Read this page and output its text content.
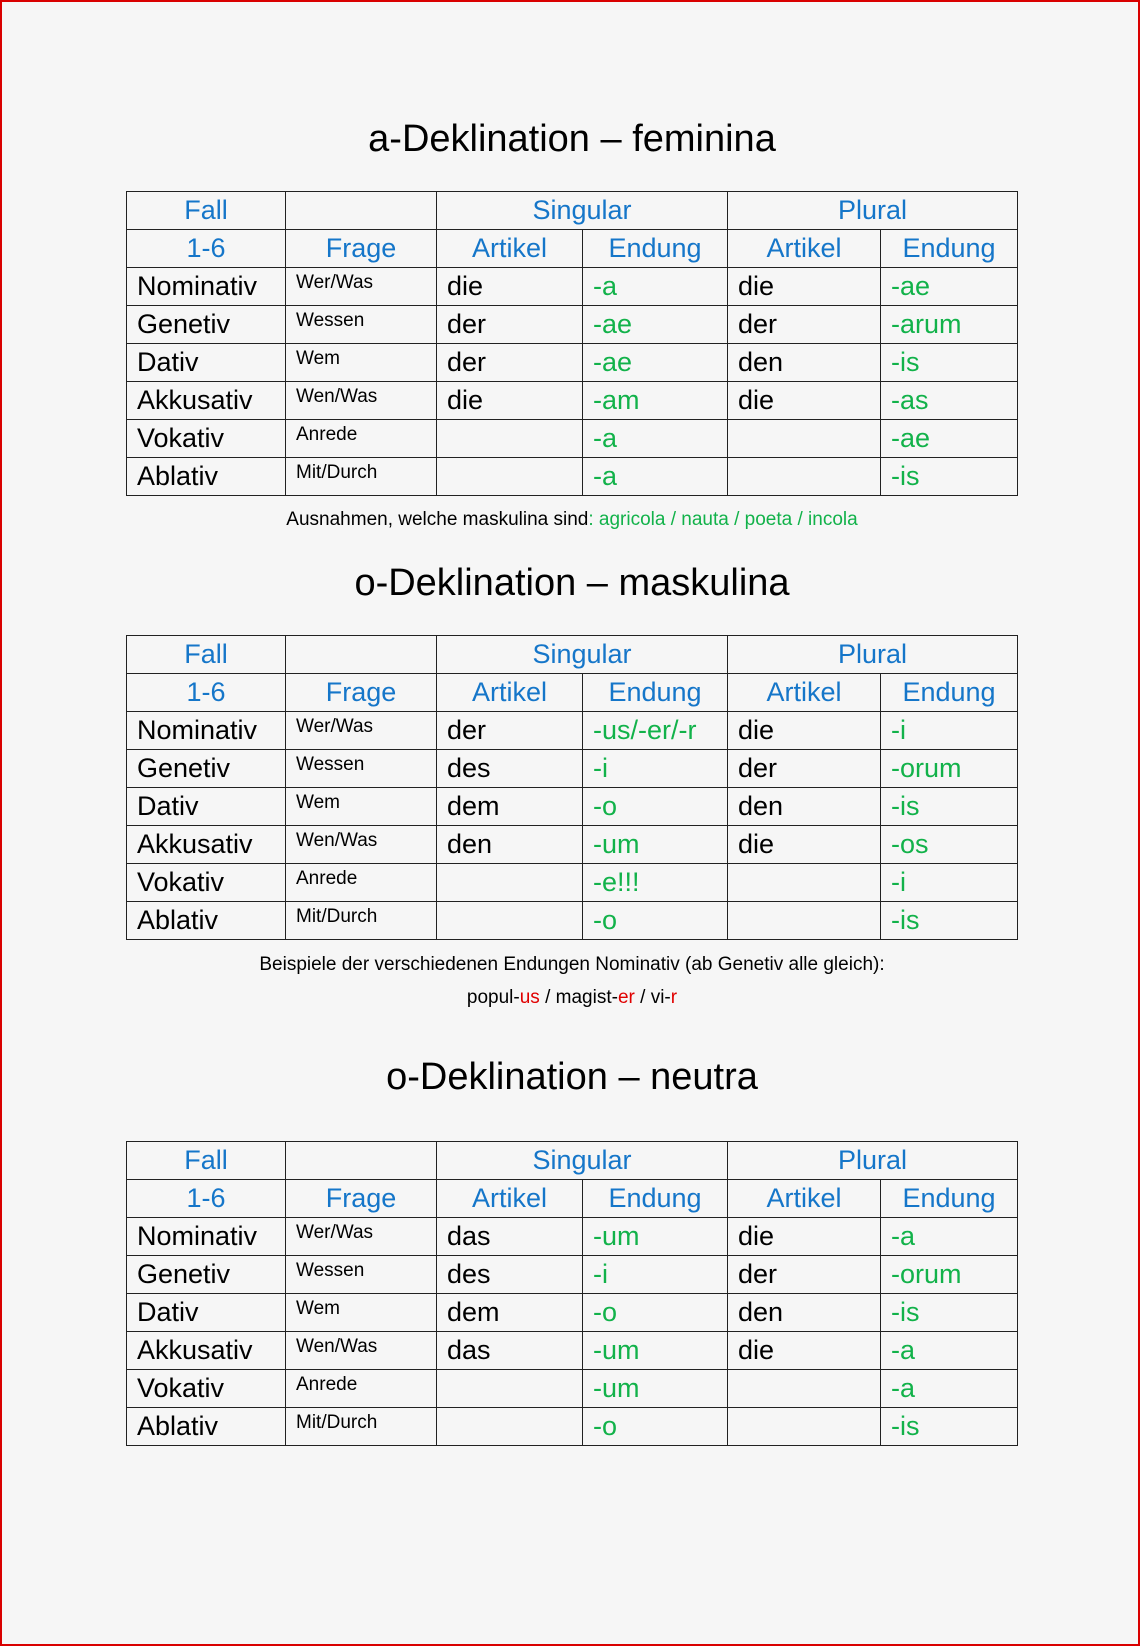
a-Deklination – feminina
Fall		Singular		Plural	
1-6	Frage	Artikel	Endung	Artikel	Endung
Nominativ	Wer/Was	die	-a	die	-ae
Genetiv	Wessen	der	-ae	der	-arum
Dativ	Wem	der	-ae	den	-is
Akkusativ	Wen/Was	die	-am	die	-as
Vokativ	Anrede		-a		-ae
Ablativ	Mit/Durch		-a		-is

Ausnahmen, welche maskulina sind: agricola / nauta / poeta / incola

o-Deklination – maskulina
Fall		Singular		Plural	
1-6	Frage	Artikel	Endung	Artikel	Endung
Nominativ	Wer/Was	der	-us/-er/-r	die	-i
Genetiv	Wessen	des	-i	der	-orum
Dativ	Wem	dem	-o	den	-is
Akkusativ	Wen/Was	den	-um	die	-os
Vokativ	Anrede		-e!!!		-i
Ablativ	Mit/Durch		-o		-is

Beispiele der verschiedenen Endungen Nominativ (ab Genetiv alle gleich):

popul-us / magist-er / vi-r

o-Deklination – neutra
Fall		Singular		Plural	
1-6	Frage	Artikel	Endung	Artikel	Endung
Nominativ	Wer/Was	das	-um	die	-a
Genetiv	Wessen	des	-i	der	-orum
Dativ	Wem	dem	-o	den	-is
Akkusativ	Wen/Was	das	-um	die	-a
Vokativ	Anrede		-um		-a
Ablativ	Mit/Durch		-o		-is
